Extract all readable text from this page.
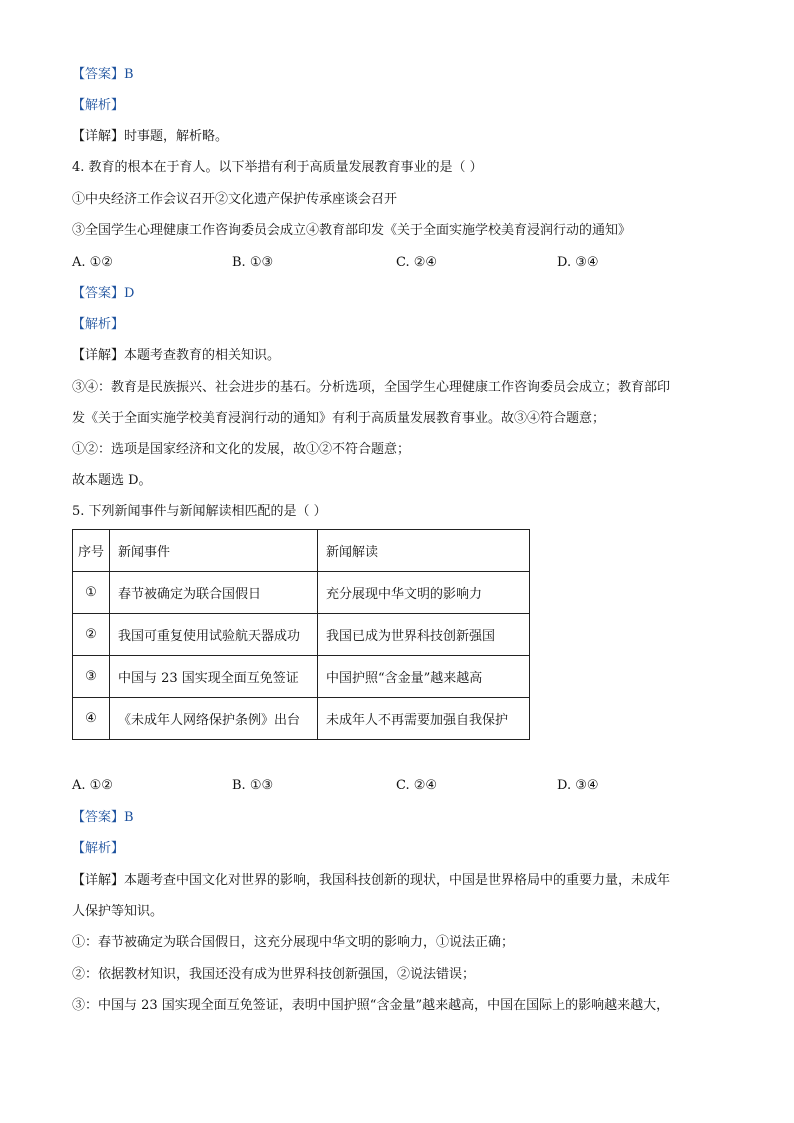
【答案】B
【解析】
【详解】时事题，解析略。
4. 教育的根本在于育人。以下举措有利于高质量发展教育事业的是（ ）
①中央经济工作会议召开②文化遗产保护传承座谈会召开
③全国学生心理健康工作咨询委员会成立④教育部印发《关于全面实施学校美育浸润行动的通知》
A. ①②	B. ①③	C. ②④	D. ③④
【答案】D
【解析】
【详解】本题考查教育的相关知识。
③④：教育是民族振兴、社会进步的基石。分析选项，全国学生心理健康工作咨询委员会成立；教育部印
发《关于全面实施学校美育浸润行动的通知》有利于高质量发展教育事业。故③④符合题意；
①②：选项是国家经济和文化的发展，故①②不符合题意；
故本题选 D。
5. 下列新闻事件与新闻解读相匹配的是（ ）
序号	新闻事件	新闻解读
①	春节被确定为联合国假日	充分展现中华文明的影响力
②	我国可重复使用试验航天器成功	我国已成为世界科技创新强国
③	中国与 23 国实现全面互免签证	中国护照“含金量”越来越高
④	《未成年人网络保护条例》出台	未成年人不再需要加强自我保护
A. ①②	B. ①③	C. ②④	D. ③④
【答案】B
【解析】
【详解】本题考查中国文化对世界的影响，我国科技创新的现状，中国是世界格局中的重要力量，未成年
人保护等知识。
①：春节被确定为联合国假日，这充分展现中华文明的影响力，①说法正确；
②：依据教材知识，我国还没有成为世界科技创新强国，②说法错误；
③：中国与 23 国实现全面互免签证，表明中国护照“含金量”越来越高，中国在国际上的影响越来越大，
